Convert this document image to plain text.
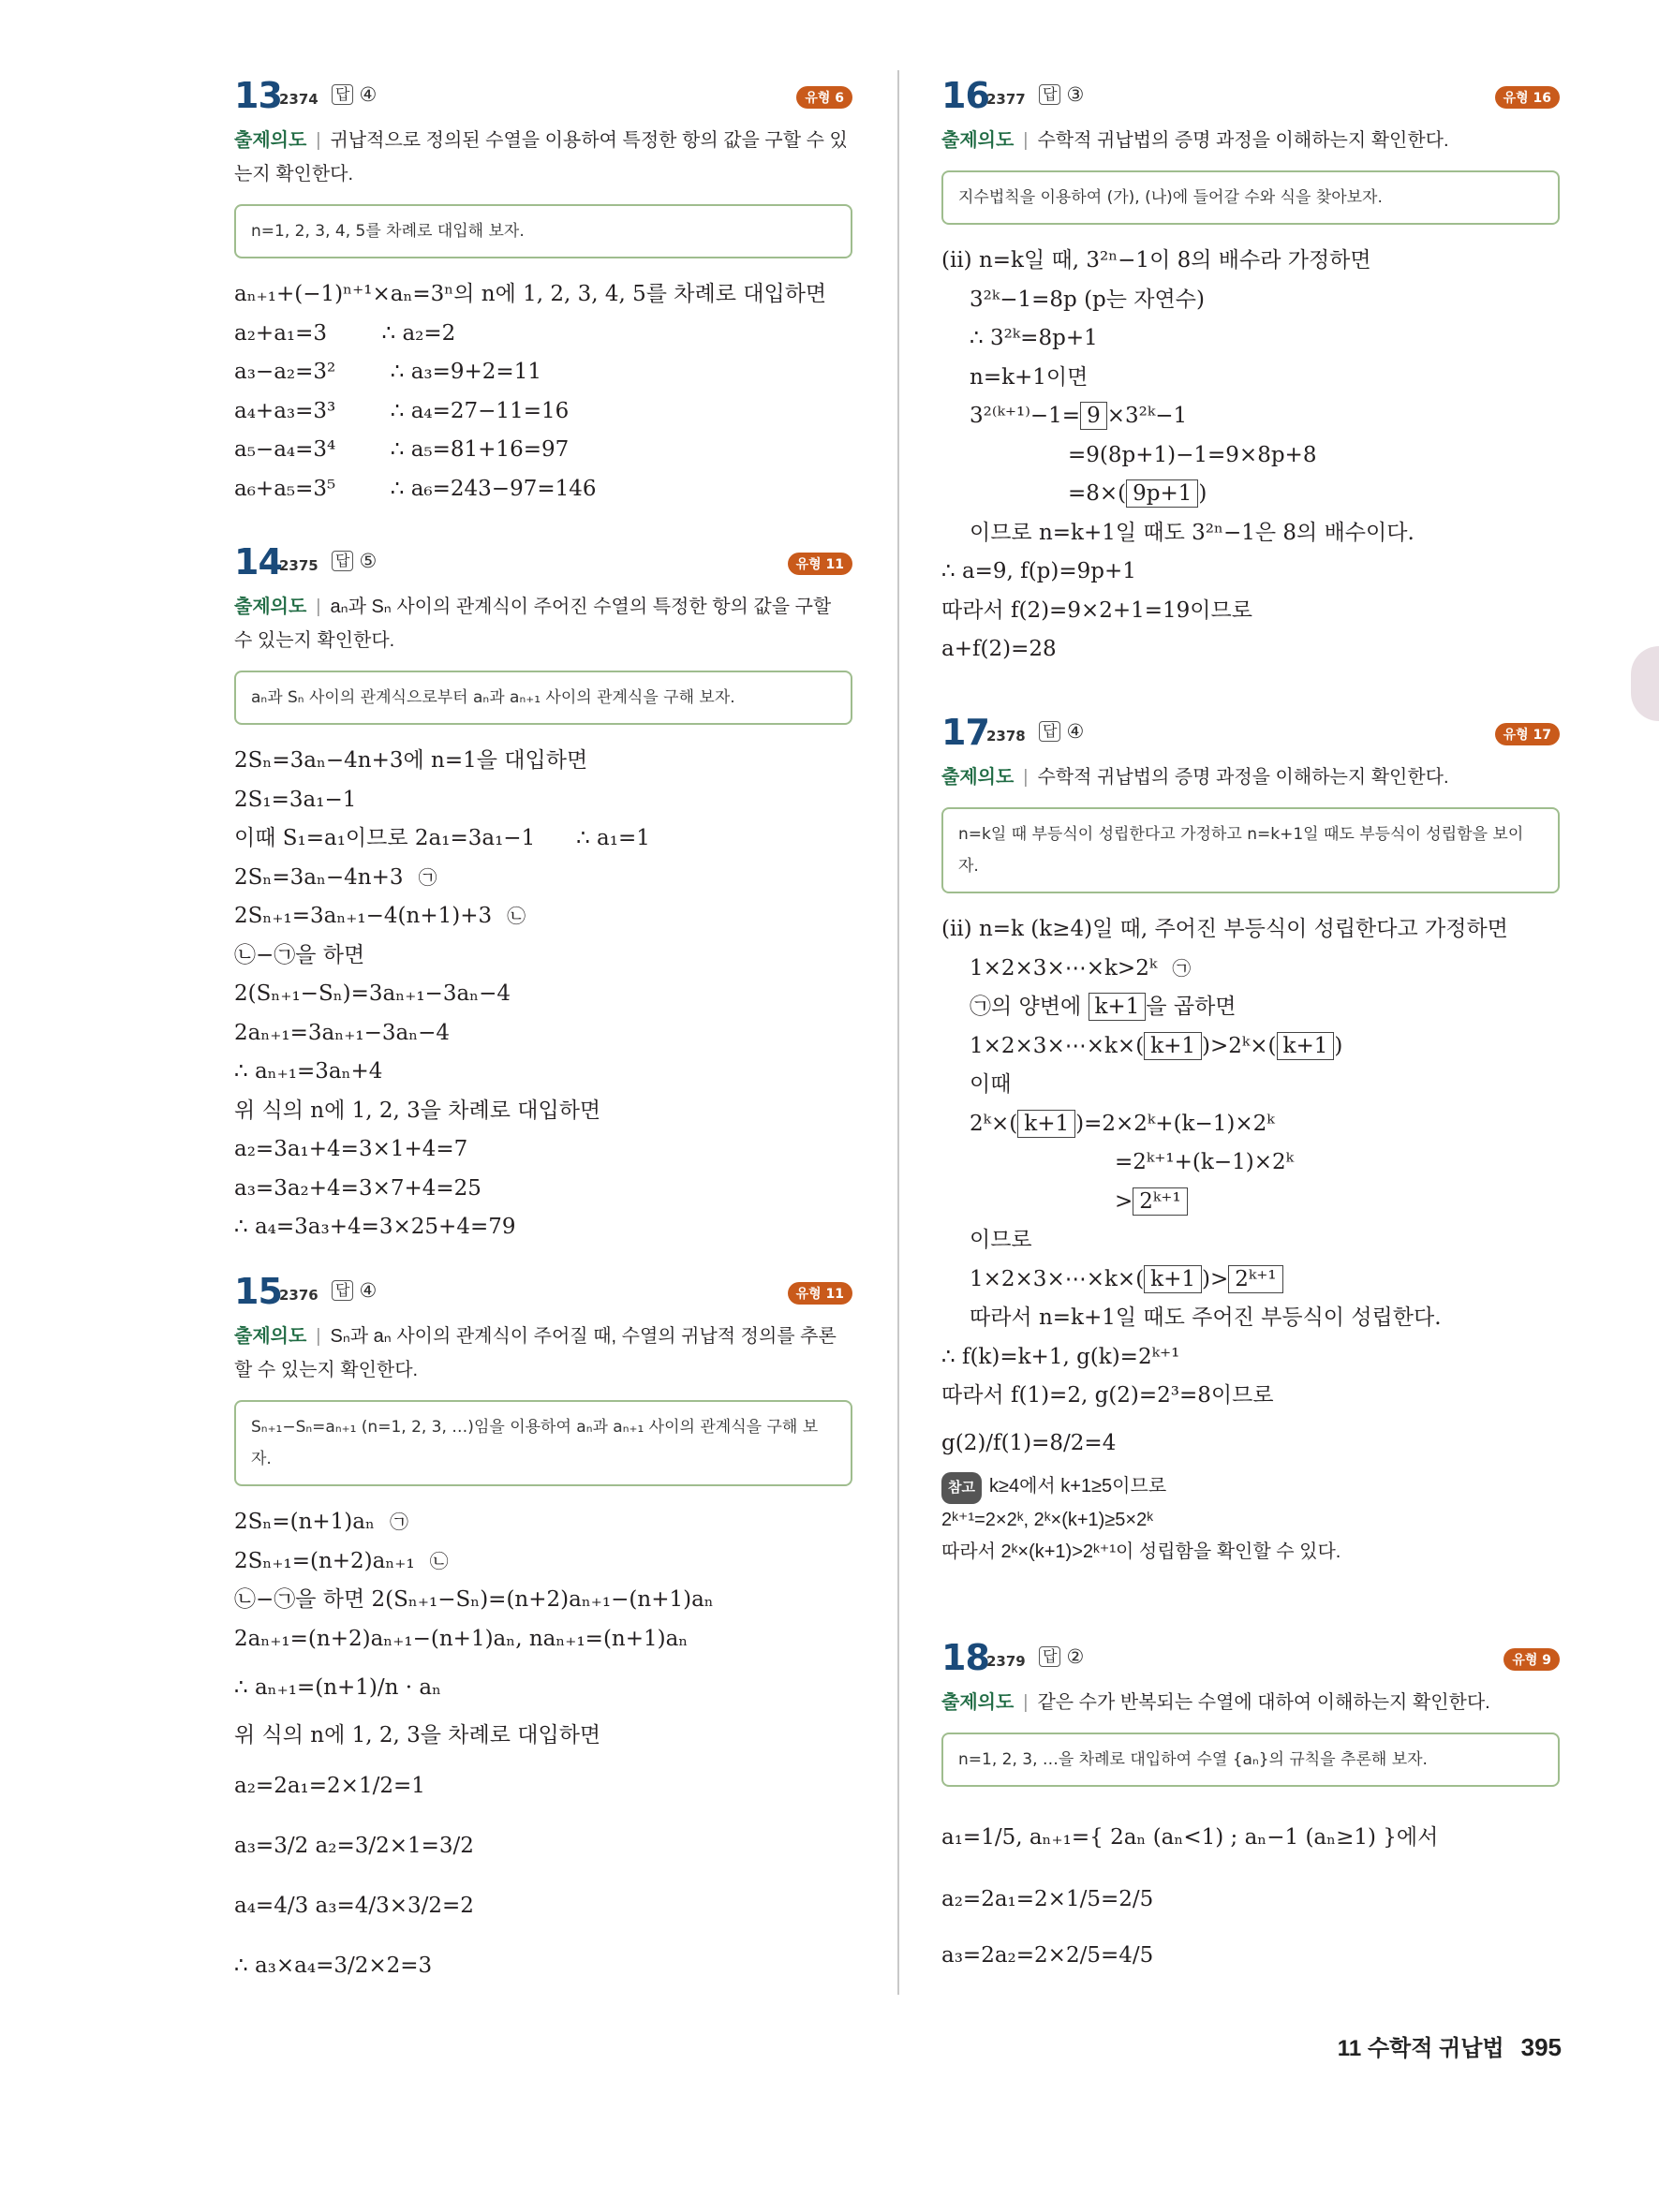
13
2374 답 ④	유형 6
출제의도 | 귀납적으로 정의된 수열을 이용하여 특정한 항의 값을 구할 수 있는지 확인한다.
n=1, 2, 3, 4, 5를 차례로 대입해 보자.
aₙ₊₁+(−1)ⁿ⁺¹×aₙ=3ⁿ의 n에 1, 2, 3, 4, 5를 차례로 대입하면
a₂+a₁=3        ∴ a₂=2
a₃−a₂=3²        ∴ a₃=9+2=11
a₄+a₃=3³        ∴ a₄=27−11=16
a₅−a₄=3⁴        ∴ a₅=81+16=97
a₆+a₅=3⁵        ∴ a₆=243−97=146
14
2375 답 ⑤	유형 11
출제의도 | aₙ과 Sₙ 사이의 관계식이 주어진 수열의 특정한 항의 값을 구할 수 있는지 확인한다.
aₙ과 Sₙ 사이의 관계식으로부터 aₙ과 aₙ₊₁ 사이의 관계식을 구해 보자.
2Sₙ=3aₙ−4n+3에 n=1을 대입하면
2S₁=3a₁−1
이때 S₁=a₁이므로 2a₁=3a₁−1      ∴ a₁=1
2Sₙ=3aₙ−4n+3 ㉠
2Sₙ₊₁=3aₙ₊₁−4(n+1)+3 ㉡
㉡−㉠을 하면
2(Sₙ₊₁−Sₙ)=3aₙ₊₁−3aₙ−4
2aₙ₊₁=3aₙ₊₁−3aₙ−4
∴ aₙ₊₁=3aₙ+4
위 식의 n에 1, 2, 3을 차례로 대입하면
a₂=3a₁+4=3×1+4=7
a₃=3a₂+4=3×7+4=25
∴ a₄=3a₃+4=3×25+4=79
15
2376 답 ④	유형 11
출제의도 | Sₙ과 aₙ 사이의 관계식이 주어질 때, 수열의 귀납적 정의를 추론할 수 있는지 확인한다.
Sₙ₊₁−Sₙ=aₙ₊₁ (n=1, 2, 3, …)임을 이용하여 aₙ과 aₙ₊₁ 사이의 관계식을 구해 보자.
2Sₙ=(n+1)aₙ ㉠
2Sₙ₊₁=(n+2)aₙ₊₁ ㉡
㉡−㉠을 하면 2(Sₙ₊₁−Sₙ)=(n+2)aₙ₊₁−(n+1)aₙ
2aₙ₊₁=(n+2)aₙ₊₁−(n+1)aₙ, naₙ₊₁=(n+1)aₙ
∴ aₙ₊₁=(n+1)/n · aₙ
위 식의 n에 1, 2, 3을 차례로 대입하면
a₂=2a₁=2×1/2=1
a₃=3/2 a₂=3/2×1=3/2
a₄=4/3 a₃=4/3×3/2=2
∴ a₃×a₄=3/2×2=3
16
2377 답 ③	유형 16
출제의도 | 수학적 귀납법의 증명 과정을 이해하는지 확인한다.
지수법칙을 이용하여 (가), (나)에 들어갈 수와 식을 찾아보자.
(ii) n=k일 때, 3²ⁿ−1이 8의 배수라 가정하면
3²ᵏ−1=8p (p는 자연수)
∴ 3²ᵏ=8p+1
n=k+1이면
3²⁽ᵏ⁺¹⁾−1= 9 ×3²ᵏ−1
=9(8p+1)−1=9×8p+8
=8×( 9p+1 )
이므로 n=k+1일 때도 3²ⁿ−1은 8의 배수이다.
∴ a=9, f(p)=9p+1
따라서 f(2)=9×2+1=19이므로
a+f(2)=28
17
2378 답 ④	유형 17
출제의도 | 수학적 귀납법의 증명 과정을 이해하는지 확인한다.
n=k일 때 부등식이 성립한다고 가정하고 n=k+1일 때도 부등식이 성립함을 보이자.
(ii) n=k (k≥4)일 때, 주어진 부등식이 성립한다고 가정하면
1×2×3×⋯×k>2ᵏ ㉠
㉠의 양변에 k+1 을 곱하면
1×2×3×⋯×k×( k+1 )>2ᵏ×( k+1 )
이때
2ᵏ×( k+1 )=2×2ᵏ+(k−1)×2ᵏ
=2ᵏ⁺¹+(k−1)×2ᵏ
> 2ᵏ⁺¹
이므로
1×2×3×⋯×k×( k+1 )> 2ᵏ⁺¹
따라서 n=k+1일 때도 주어진 부등식이 성립한다.
∴ f(k)=k+1, g(k)=2ᵏ⁺¹
따라서 f(1)=2, g(2)=2³=8이므로
g(2)/f(1)=8/2=4
참고 k≥4에서 k+1≥5이므로
2ᵏ⁺¹=2×2ᵏ, 2ᵏ×(k+1)≥5×2ᵏ
따라서 2ᵏ×(k+1)>2ᵏ⁺¹이 성립함을 확인할 수 있다.
18
2379 답 ②	유형 9
출제의도 | 같은 수가 반복되는 수열에 대하여 이해하는지 확인한다.
n=1, 2, 3, …을 차례로 대입하여 수열 {aₙ}의 규칙을 추론해 보자.
a₁=1/5, aₙ₊₁={ 2aₙ (aₙ<1) ; aₙ−1 (aₙ≥1) }에서
a₂=2a₁=2×1/5=2/5
a₃=2a₂=2×2/5=4/5
11 수학적 귀납법 395
